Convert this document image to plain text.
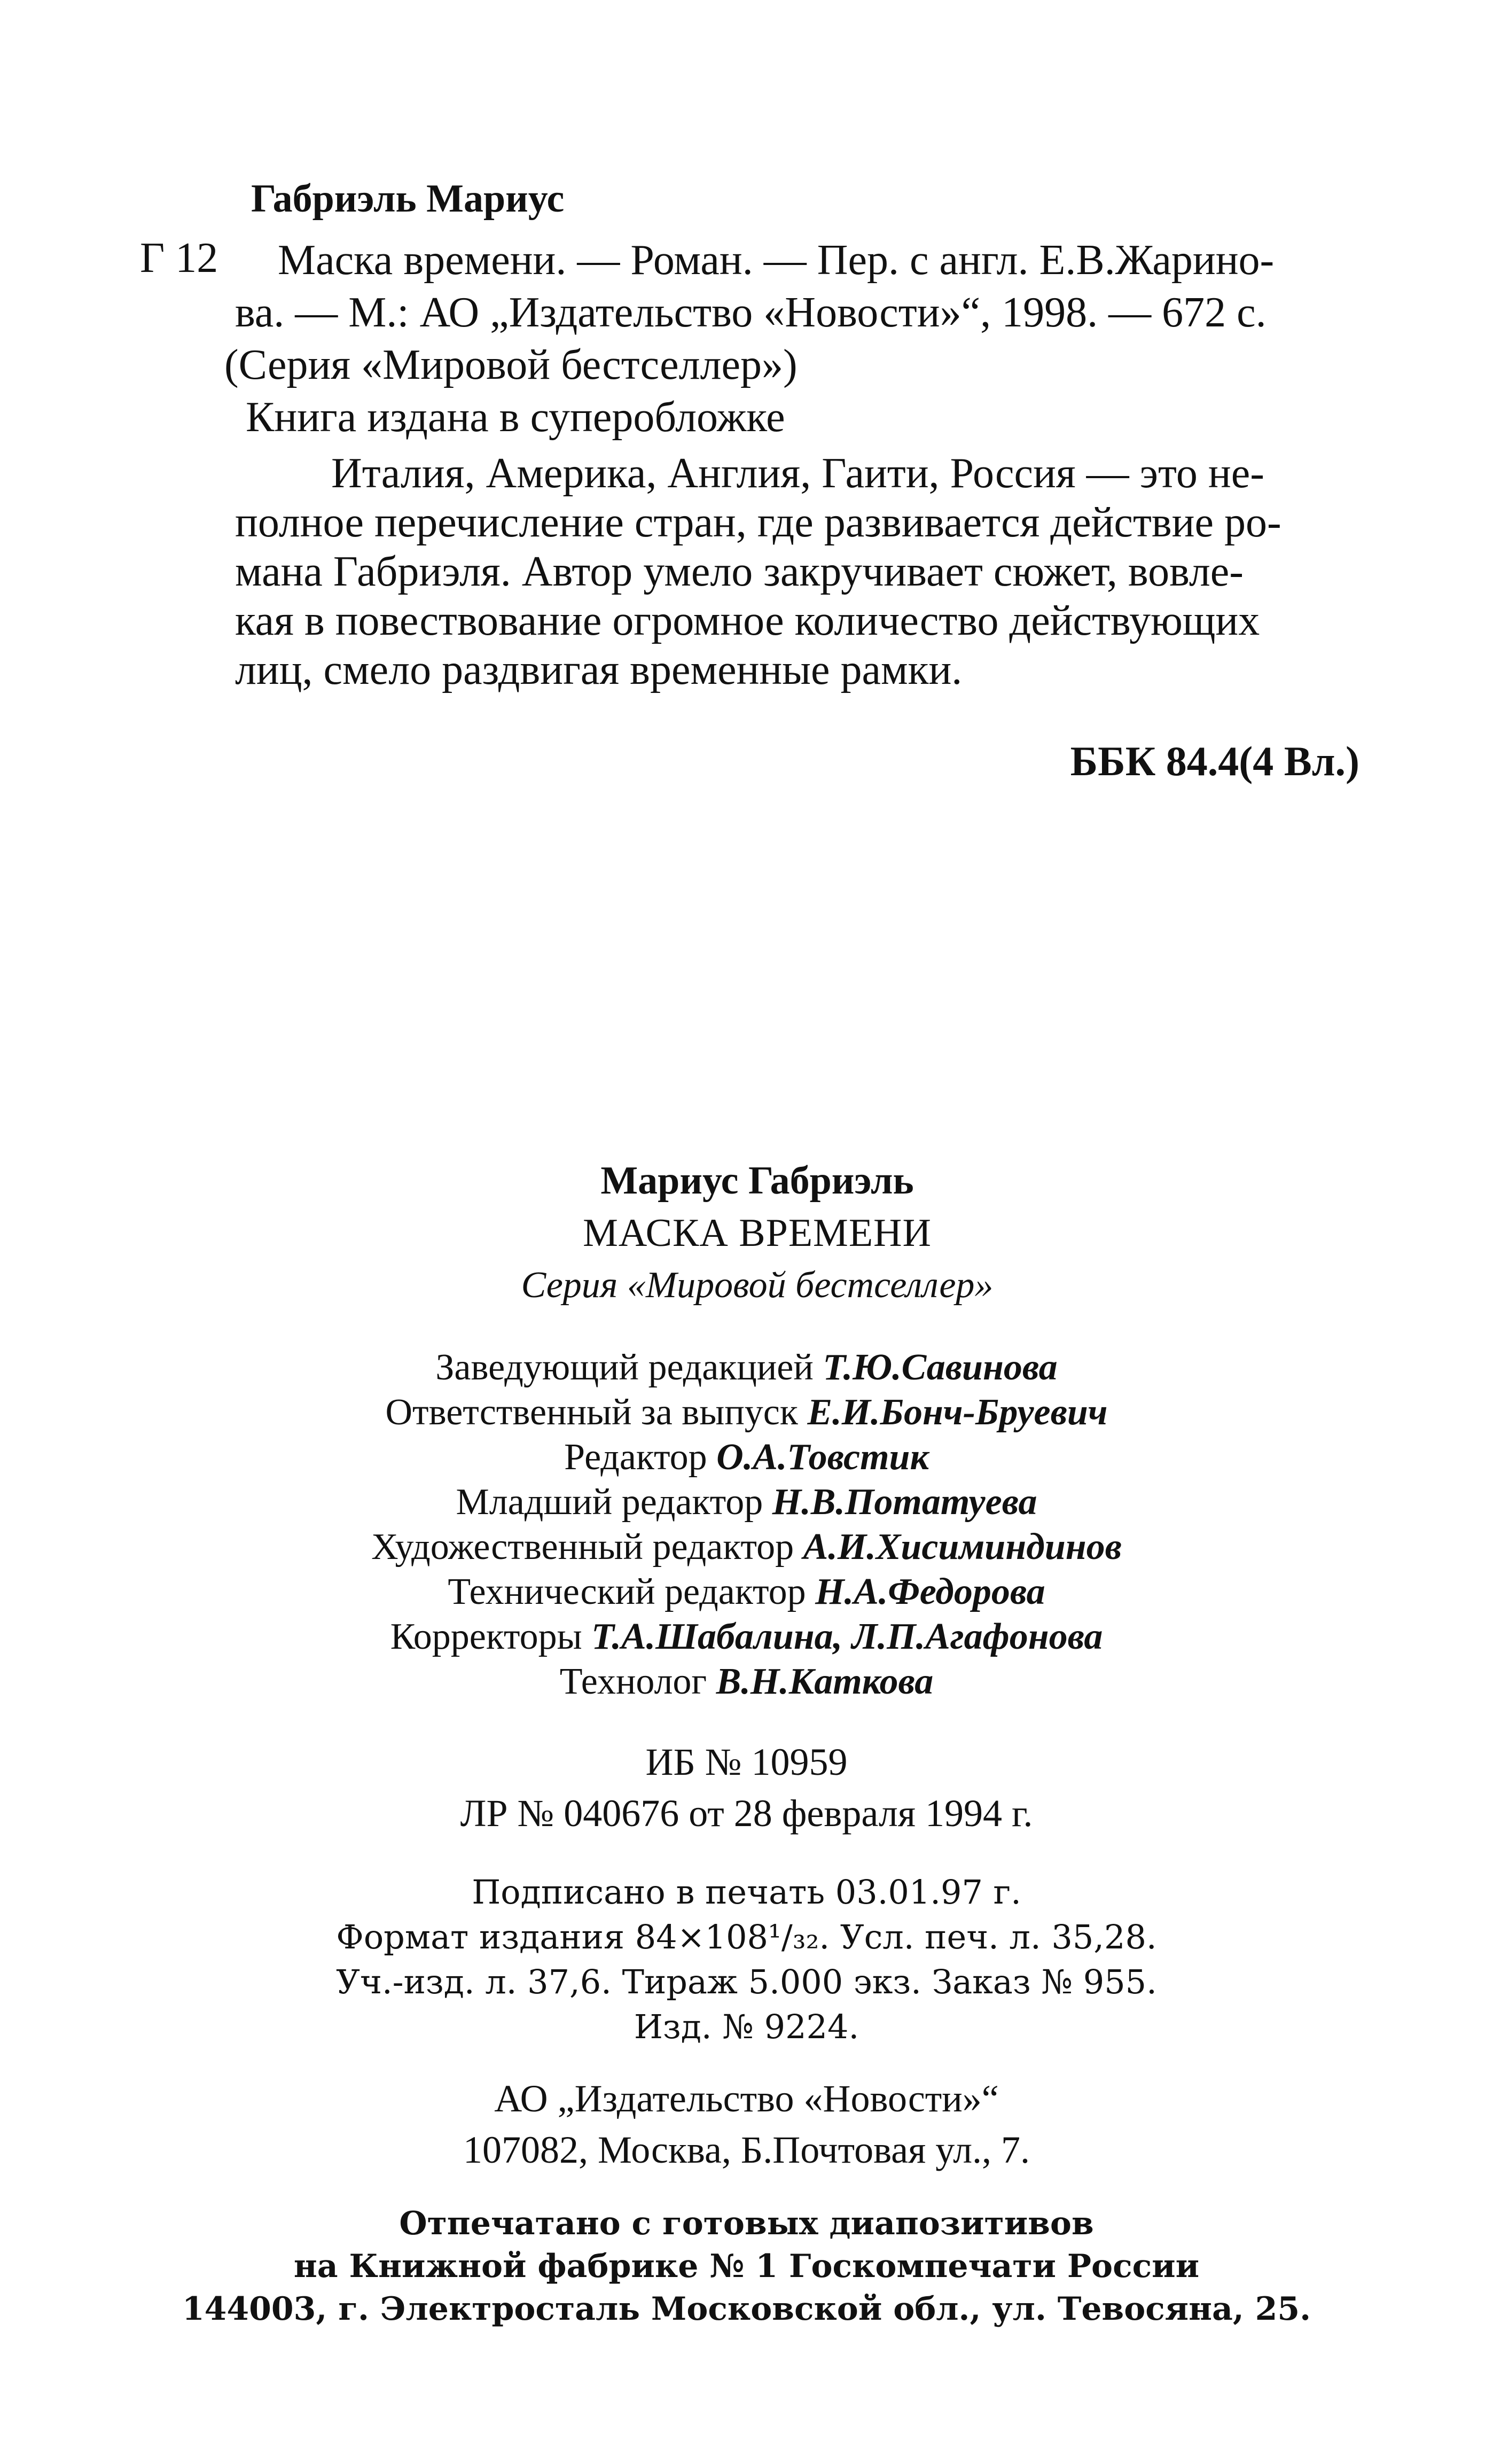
Габриэль Мариус
Г 12	Маска времени. — Роман. — Пер. с англ. Е.В.Жарино-
ва. — М.: АО „Издательство «Новости»“, 1998. — 672 с.
(Серия «Мировой бестселлер»)
Книга издана в суперобложке
Италия, Америка, Англия, Гаити, Россия — это не-
полное перечисление стран, где развивается действие ро-
мана Габриэля. Автор умело закручивает сюжет, вовле-
кая в повествование огромное количество действующих
лиц, смело раздвигая временные рамки.
ББК 84.4(4 Вл.)
Мариус Габриэль
МАСКА ВРЕМЕНИ
Серия «Мировой бестселлер»
Заведующий редакцией Т.Ю.Савинова
Ответственный за выпуск Е.И.Бонч-Бруевич
Редактор О.А.Товстик
Младший редактор Н.В.Потатуева
Художественный редактор А.И.Хисиминдинов
Технический редактор Н.А.Федорова
Корректоры Т.А.Шабалина, Л.П.Агафонова
Технолог В.Н.Каткова
ИБ № 10959
ЛР № 040676 от 28 февраля 1994 г.
Подписано в печать 03.01.97 г.
Формат издания 84×108¹/₃₂. Усл. печ. л. 35,28.
Уч.-изд. л. 37,6. Тираж 5.000 экз. Заказ № 955.
Изд. № 9224.
АО „Издательство «Новости»“
107082, Москва, Б.Почтовая ул., 7.
Отпечатано с готовых диапозитивов
на Книжной фабрике № 1 Госкомпечати России
144003, г. Электросталь Московской обл., ул. Тевосяна, 25.
